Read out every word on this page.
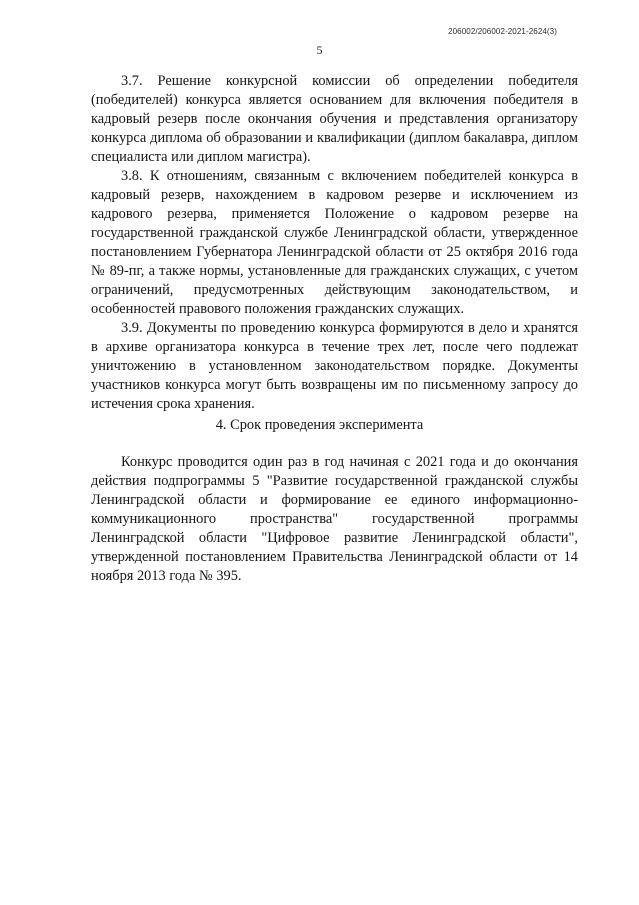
206002/206002-2021-2624(3)
5

3.7. Решение конкурсной комиссии об определении победителя (победителей) конкурса является основанием для включения победителя в кадровый резерв после окончания обучения и представления организатору конкурса диплома об образовании и квалификации (диплом бакалавра, диплом специалиста или диплом магистра).

3.8. К отношениям, связанным с включением победителей конкурса в кадровый резерв, нахождением в кадровом резерве и исключением из кадрового резерва, применяется Положение о кадровом резерве на государственной гражданской службе Ленинградской области, утвержденное постановлением Губернатора Ленинградской области от 25 октября 2016 года № 89-пг, а также нормы, установленные для гражданских служащих, с учетом ограничений, предусмотренных действующим законодательством, и особенностей правового положения гражданских служащих.

3.9. Документы по проведению конкурса формируются в дело и хранятся в архиве организатора конкурса в течение трех лет, после чего подлежат уничтожению в установленном законодательством порядке. Документы участников конкурса могут быть возвращены им по письменному запросу до истечения срока хранения.

4. Срок проведения эксперимента

Конкурс проводится один раз в год начиная с 2021 года и до окончания действия подпрограммы 5 "Развитие государственной гражданской службы Ленинградской области и формирование ее единого информационно-коммуникационного пространства" государственной программы Ленинградской области "Цифровое развитие Ленинградской области", утвержденной постановлением Правительства Ленинградской области от 14 ноября 2013 года № 395.
